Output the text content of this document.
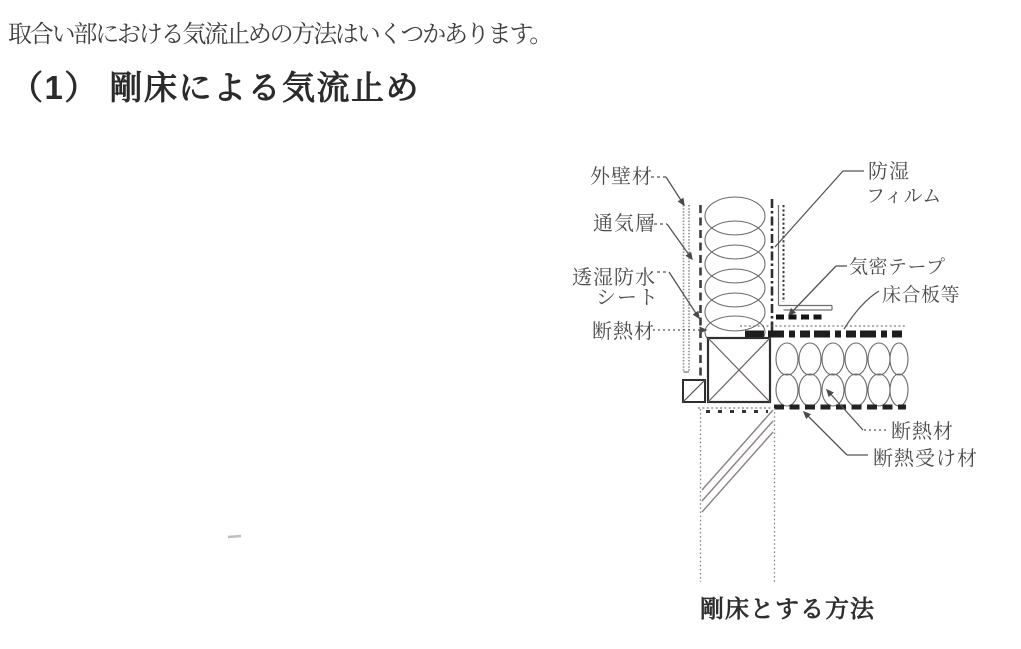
取合い部における気流止めの方法はいくつかあります。
（1） 剛床による気流止め
外壁材
通気層
透湿防水
シート
断熱材
防湿
フィルム
気密テープ
床合板等
断熱材
断熱受け材
剛床とする方法
